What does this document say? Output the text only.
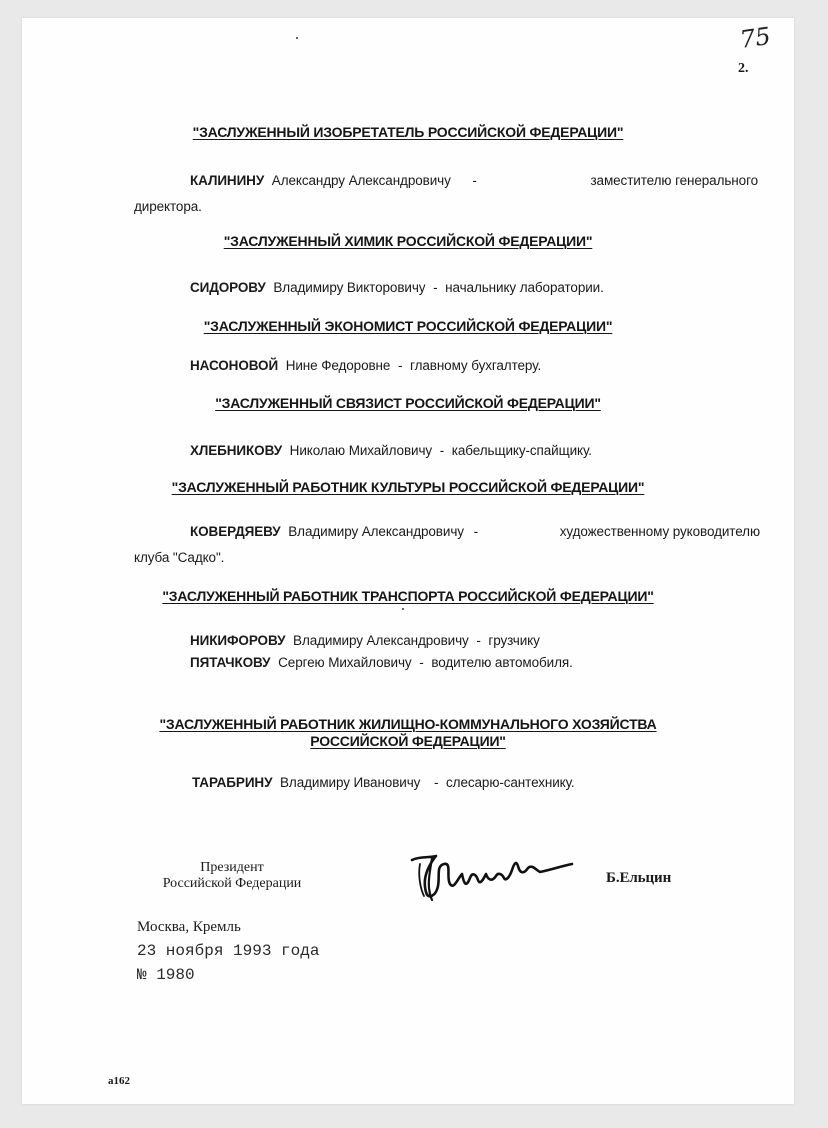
75
2.
"ЗАСЛУЖЕННЫЙ ИЗОБРЕТАТЕЛЬ РОССИЙСКОЙ ФЕДЕРАЦИИ"
КАЛИНИНУ Александру Александровичу -	заместителю генерального
директора.
"ЗАСЛУЖЕННЫЙ ХИМИК РОССИЙСКОЙ ФЕДЕРАЦИИ"
СИДОРОВУ Владимиру Викторовичу - начальнику лаборатории.
"ЗАСЛУЖЕННЫЙ ЭКОНОМИСТ РОССИЙСКОЙ ФЕДЕРАЦИИ"
НАСОНОВОЙ Нине Федоровне - главному бухгалтеру.
"ЗАСЛУЖЕННЫЙ СВЯЗИСТ РОССИЙСКОЙ ФЕДЕРАЦИИ"
ХЛЕБНИКОВУ Николаю Михайловичу - кабельщику-спайщику.
"ЗАСЛУЖЕННЫЙ РАБОТНИК КУЛЬТУРЫ РОССИЙСКОЙ ФЕДЕРАЦИИ"
КОВЕРДЯЕВУ Владимиру Александровичу -	художественному руководителю
клуба "Садко".
"ЗАСЛУЖЕННЫЙ РАБОТНИК ТРАНСПОРТА РОССИЙСКОЙ ФЕДЕРАЦИИ"
НИКИФОРОВУ Владимиру Александровичу - грузчику
ПЯТАЧКОВУ Сергею Михайловичу - водителю автомобиля.
"ЗАСЛУЖЕННЫЙ РАБОТНИК ЖИЛИЩНО-КОММУНАЛЬНОГО ХОЗЯЙСТВА
РОССИЙСКОЙ ФЕДЕРАЦИИ"
ТАРАБРИНУ Владимиру Ивановичу - слесарю-сантехнику.
Президент
Российской Федерации	Б.Ельцин
Москва, Кремль
23 ноября 1993 года
№ 1980
а162
